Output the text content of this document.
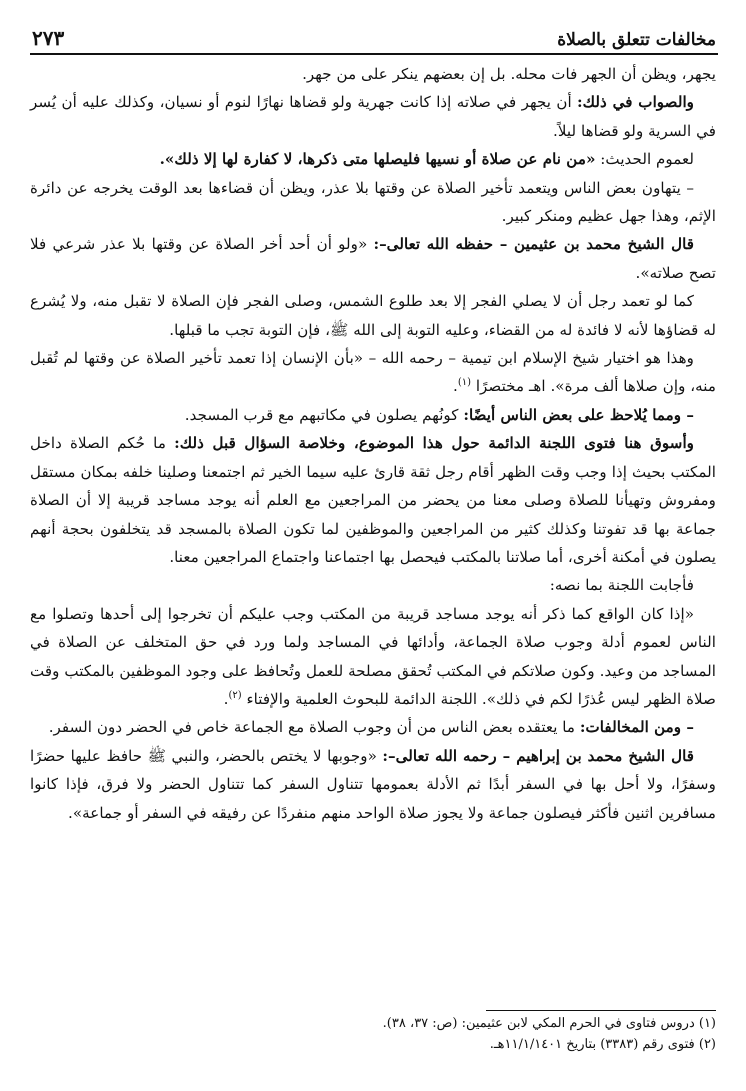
مخالفات تتعلق بالصلاة
٢٧٣

يجهر، ويظن أن الجهر فات محله. بل إن بعضهم ينكر على من جهر.

والصواب في ذلك: أن يجهر في صلاته إذا كانت جهرية ولو قضاها نهارًا لنوم أو نسيان، وكذلك عليه أن يُسر في السرية ولو قضاها ليلاً.

لعموم الحديث: «من نام عن صلاة أو نسيها فليصلها متى ذكرها، لا كفارة لها إلا ذلك».

– يتهاون بعض الناس ويتعمد تأخير الصلاة عن وقتها بلا عذر، ويظن أن قضاءها بعد الوقت يخرجه عن دائرة الإثم، وهذا جهل عظيم ومنكر كبير.

قال الشيخ محمد بن عثيمين – حفظه الله تعالى–: «ولو أن أحد أخر الصلاة عن وقتها بلا عذر شرعي فلا تصح صلاته».

كما لو تعمد رجل أن لا يصلي الفجر إلا بعد طلوع الشمس، وصلى الفجر فإن الصلاة لا تقبل منه، ولا يُشرع له قضاؤها لأنه لا فائدة له من القضاء، وعليه التوبة إلى الله ﷺ، فإن التوبة تجب ما قبلها.

وهذا هو اختيار شيخ الإسلام ابن تيمية – رحمه الله – «بأن الإنسان إذا تعمد تأخير الصلاة عن وقتها لم تُقبل منه، وإن صلاها ألف مرة». اهـ مختصرًا $^{(١)}$.

– ومما يُلاحظ على بعض الناس أيضًا: كونُهم يصلون في مكاتبهم مع قرب المسجد.

وأسوق هنا فتوى اللجنة الدائمة حول هذا الموضوع، وخلاصة السؤال قبل ذلك: ما حُكم الصلاة داخل المكتب بحيث إذا وجب وقت الظهر أقام رجل ثقة قارئ عليه سيما الخير ثم اجتمعنا وصلينا خلفه بمكان مستقل ومفروش وتهيأنا للصلاة وصلى معنا من يحضر من المراجعين مع العلم أنه يوجد مساجد قريبة إلا أن الصلاة جماعة بها قد تفوتنا وكذلك كثير من المراجعين والموظفين لما تكون الصلاة بالمسجد قد يتخلفون بحجة أنهم يصلون في أمكنة أخرى، أما صلاتنا بالمكتب فيحصل بها اجتماعنا واجتماع المراجعين معنا.

فأجابت اللجنة بما نصه:

«إذا كان الواقع كما ذكر أنه يوجد مساجد قريبة من المكتب وجب عليكم أن تخرجوا إلى أحدها وتصلوا مع الناس لعموم أدلة وجوب صلاة الجماعة، وأدائها في المساجد ولما ورد في حق المتخلف عن الصلاة في المساجد من وعيد. وكون صلاتكم في المكتب تُحقق مصلحة للعمل وتُحافظ على وجود الموظفين بالمكتب وقت صلاة الظهر ليس عُذرًا لكم في ذلك». اللجنة الدائمة للبحوث العلمية والإفتاء $^{(٢)}$.

– ومن المخالفات: ما يعتقده بعض الناس من أن وجوب الصلاة مع الجماعة خاص في الحضر دون السفر.

قال الشيخ محمد بن إبراهيم – رحمه الله تعالى–: «وجوبها لا يختص بالحضر، والنبي ﷺ حافظ عليها حضرًا وسفرًا، ولا أحل بها في السفر أبدًا ثم الأدلة بعمومها تتناول السفر كما تتناول الحضر ولا فرق، فإذا كانوا مسافرين اثنين فأكثر فيصلون جماعة ولا يجوز صلاة الواحد منهم منفردًا عن رفيقه في السفر أو جماعة».

(١) دروس فتاوى في الحرم المكي لابن عثيمين: (ص: ٣٧، ٣٨).

(٢) فتوى رقم (٣٣٨٣) بتاريخ ١١/١/١٤٠١هـ.
